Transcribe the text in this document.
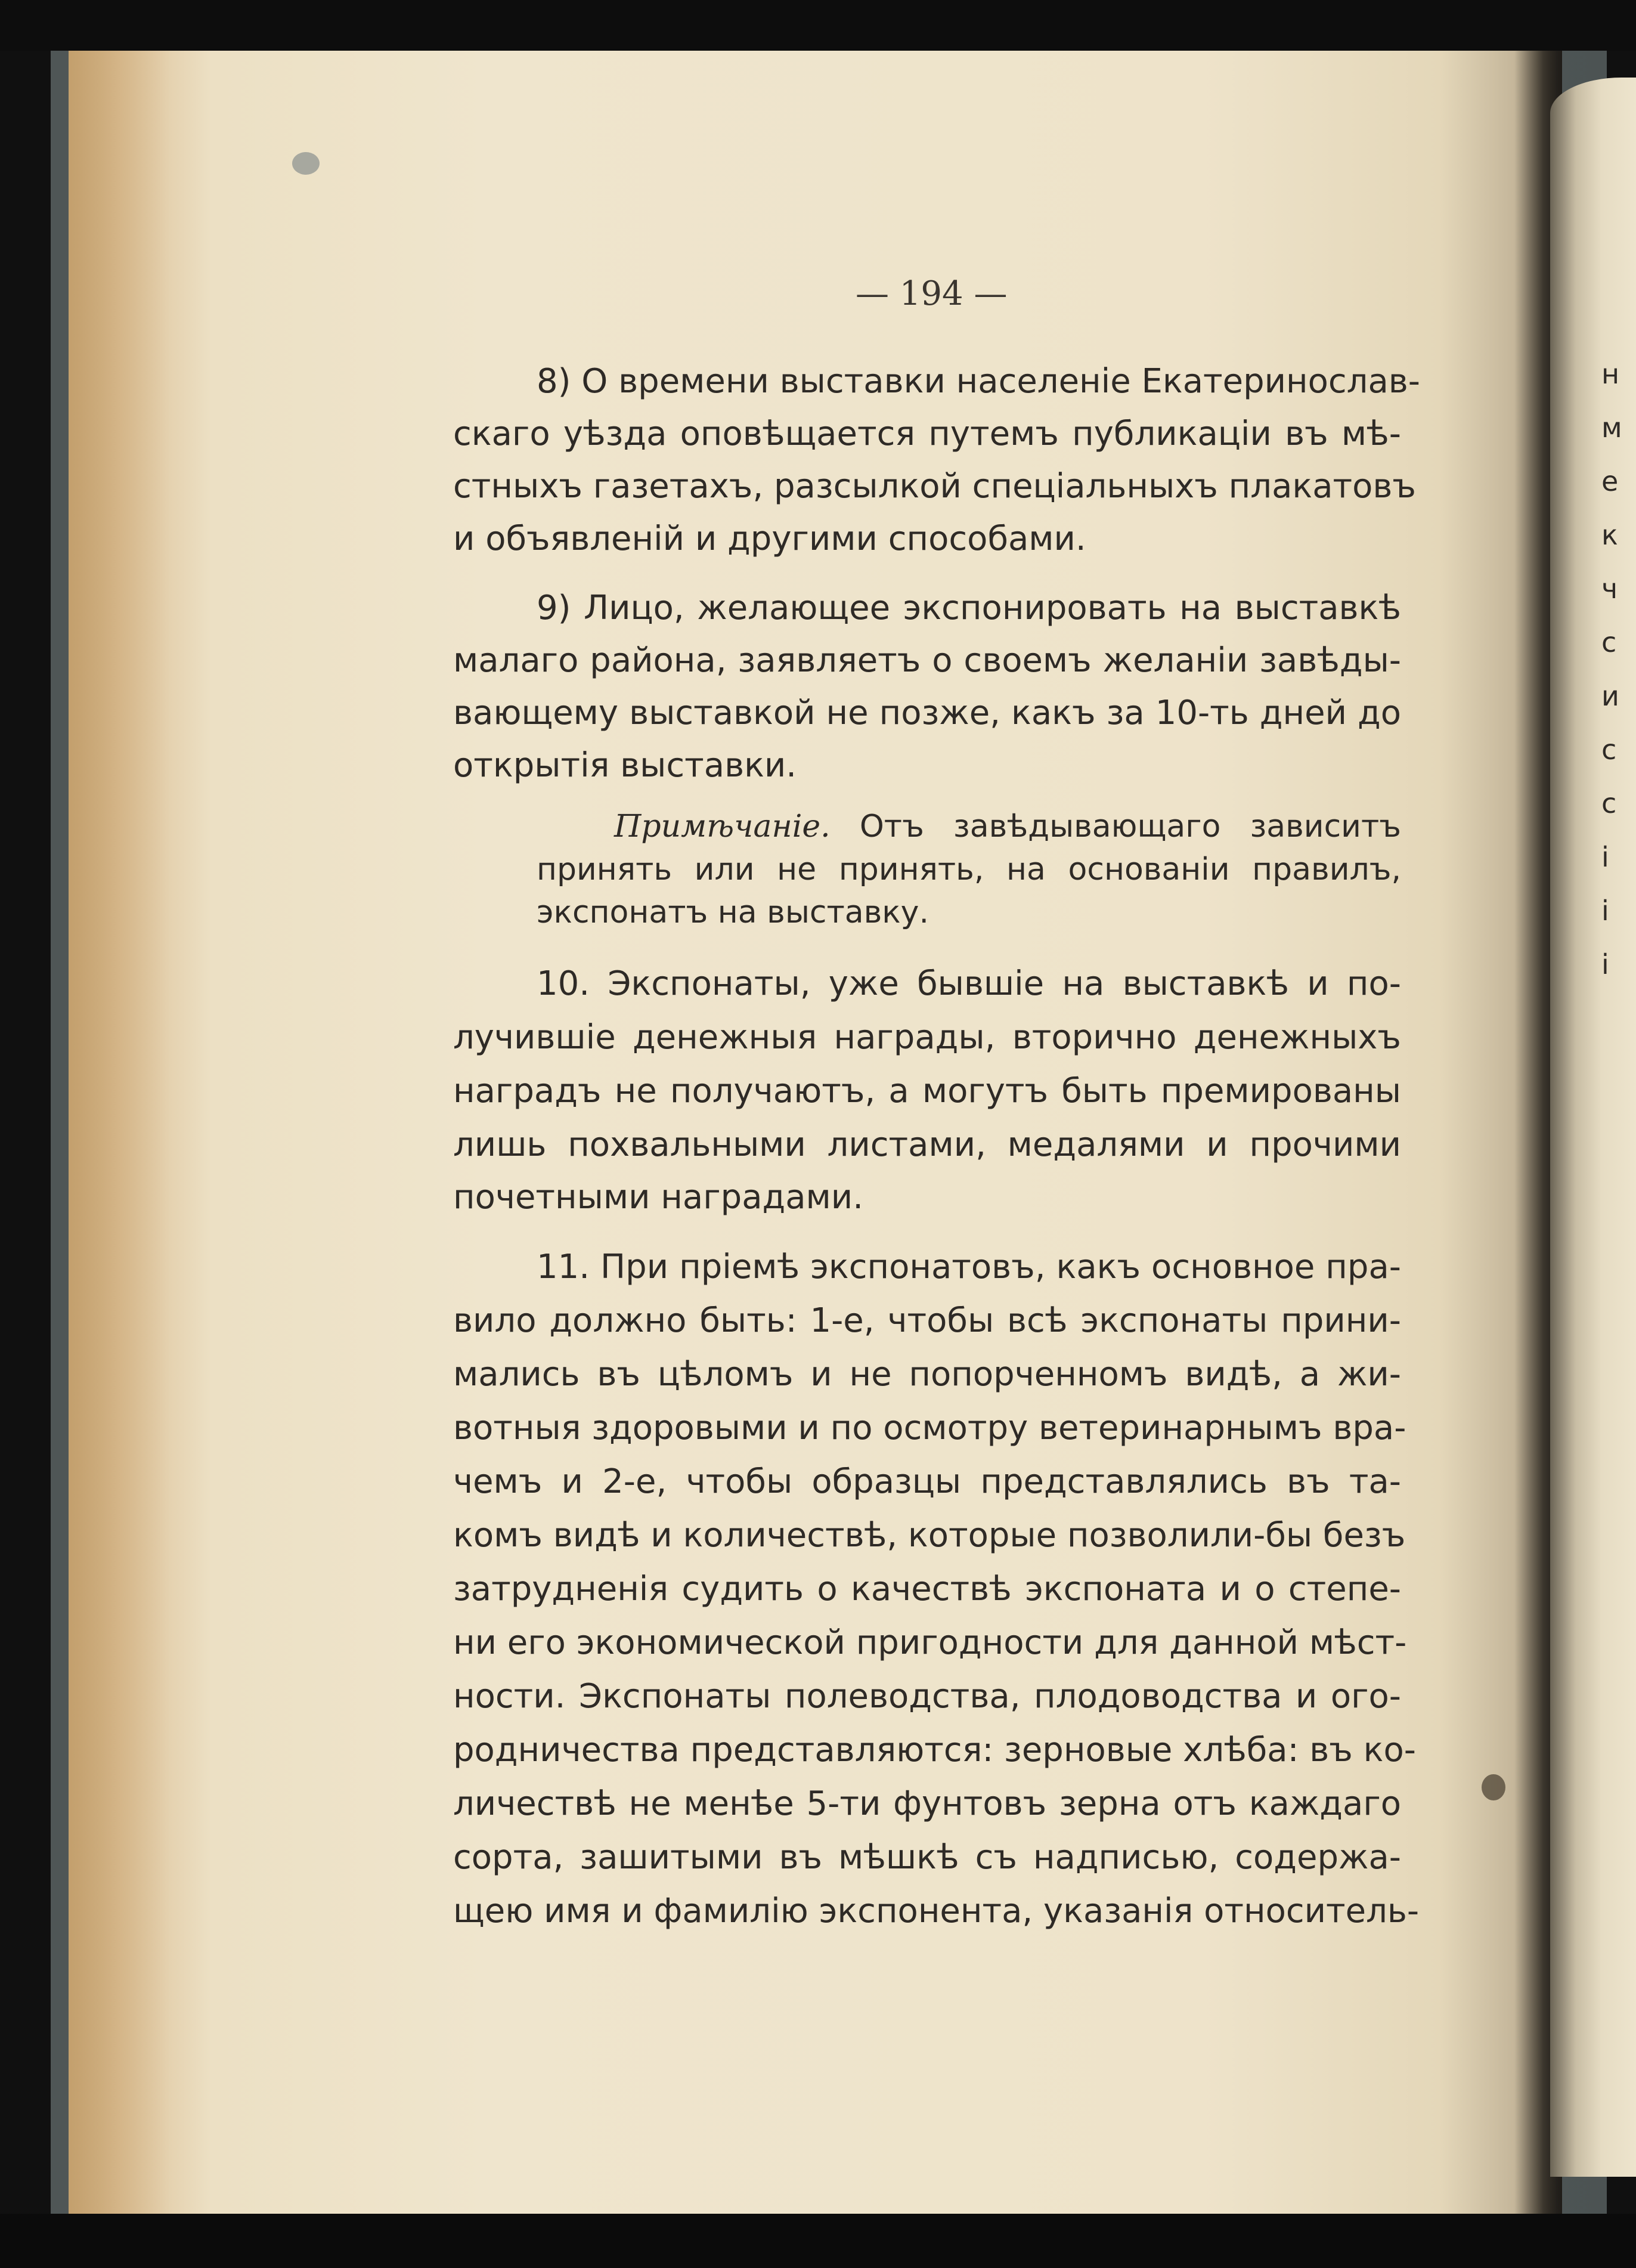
— 194 —
8) О времени выставки населеніе Екатеринослав-
скаго уѣзда оповѣщается путемъ публикаціи въ мѣ-
стныхъ газетахъ, разсылкой спеціальныхъ плакатовъ
и объявленій и другими способами.
9) Лицо, желающее экспонировать на выставкѣ
малаго района, заявляетъ о своемъ желаніи завѣды-
вающему выставкой не позже, какъ за 10-ть дней до
открытія выставки.
Примѣчаніе. Отъ завѣдывающаго зависитъ
принять или не принять, на основаніи правилъ,
экспонатъ на выставку.
10. Экспонаты, уже бывшіе на выставкѣ и по-
лучившіе денежныя награды, вторично денежныхъ
наградъ не получаютъ, а могутъ быть премированы
лишь похвальными листами, медалями и прочими
почетными наградами.
11. При пріемѣ экспонатовъ, какъ основное пра-
вило должно быть: 1-е, чтобы всѣ экспонаты прини-
мались въ цѣломъ и не попорченномъ видѣ, а жи-
вотныя здоровыми и по осмотру ветеринарнымъ вра-
чемъ и 2-е, чтобы образцы представлялись въ та-
комъ видѣ и количествѣ, которые позволили-бы безъ
затрудненія судить о качествѣ экспоната и о степе-
ни его экономической пригодности для данной мѣст-
ности. Экспонаты полеводства, плодоводства и ого-
родничества представляются: зерновые хлѣба: въ ко-
личествѣ не менѣе 5-ти фунтовъ зерна отъ каждаго
сорта, зашитыми въ мѣшкѣ съ надписью, содержа-
щею имя и фамилію экспонента, указанія относитель-
н
м
е
к
ч
с
и
с
с
і
і
і
